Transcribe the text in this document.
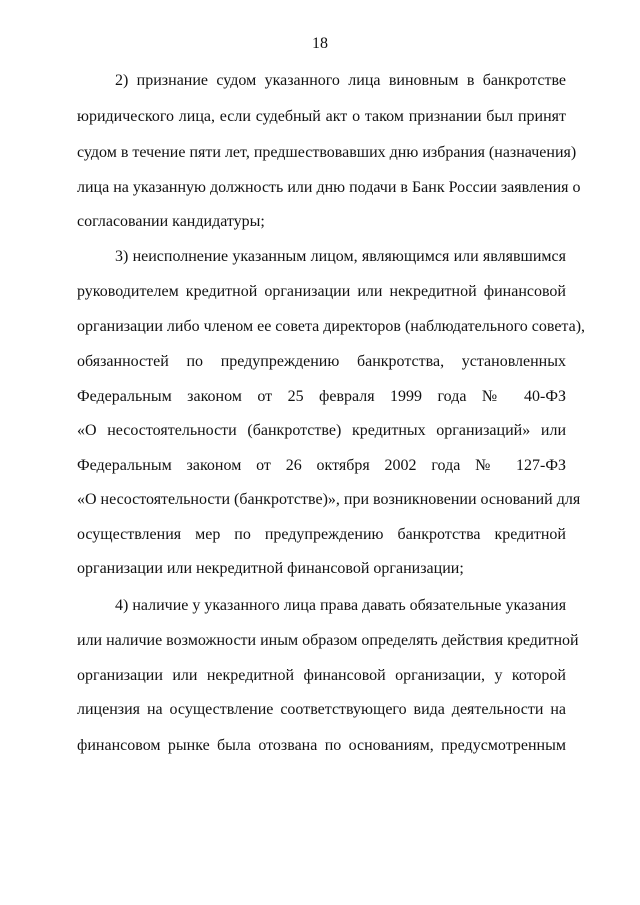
18
2) признание судом указанного лица виновным в банкротстве
юридического лица, если судебный акт о таком признании был принят
судом в течение пяти лет, предшествовавших дню избрания (назначения)
лица на указанную должность или дню подачи в Банк России заявления о
согласовании кандидатуры;
3) неисполнение указанным лицом, являющимся или являвшимся
руководителем кредитной организации или некредитной финансовой
организации либо членом ее совета директоров (наблюдательного совета),
обязанностей по предупреждению банкротства, установленных
Федеральным законом от 25 февраля 1999 года № 40-ФЗ
«О несостоятельности (банкротстве) кредитных организаций» или
Федеральным законом от 26 октября 2002 года № 127-ФЗ
«О несостоятельности (банкротстве)», при возникновении оснований для
осуществления мер по предупреждению банкротства кредитной
организации или некредитной финансовой организации;
4) наличие у указанного лица права давать обязательные указания
или наличие возможности иным образом определять действия кредитной
организации или некредитной финансовой организации, у которой
лицензия на осуществление соответствующего вида деятельности на
финансовом рынке была отозвана по основаниям, предусмотренным
